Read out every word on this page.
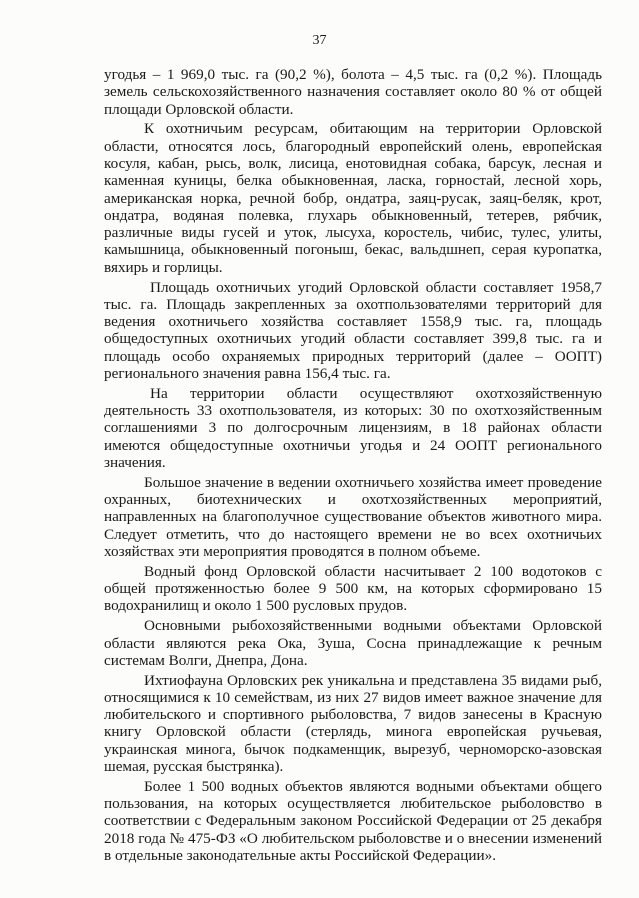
37

угодья – 1 969,0 тыс. га (90,2 %), болота – 4,5 тыс. га (0,2 %). Площадь земель сельскохозяйственного назначения составляет около 80 % от общей площади Орловской области.

К охотничьим ресурсам, обитающим на территории Орловской области, относятся лось, благородный европейский олень, европейская косуля, кабан, рысь, волк, лисица, енотовидная собака, барсук, лесная и каменная куницы, белка обыкновенная, ласка, горностай, лесной хорь, американская норка, речной бобр, ондатра, заяц-русак, заяц-беляк, крот, ондатра, водяная полевка, глухарь обыкновенный, тетерев, рябчик, различные виды гусей и уток, лысуха, коростель, чибис, тулес, улиты, камышница, обыкновенный погоныш, бекас, вальдшнеп, серая куропатка, вяхирь и горлицы.

Площадь охотничьих угодий Орловской области составляет 1958,7 тыс. га. Площадь закрепленных за охотпользователями территорий для ведения охотничьего хозяйства составляет 1558,9 тыс. га, площадь общедоступных охотничьих угодий области составляет 399,8 тыс. га и площадь особо охраняемых природных территорий (далее – ООПТ) регионального значения равна 156,4 тыс. га.

На территории области осуществляют охотхозяйственную деятельность 33 охотпользователя, из которых: 30 по охотхозяйственным соглашениями 3 по долгосрочным лицензиям, в 18 районах области имеются общедоступные охотничьи угодья и 24 ООПТ регионального значения.

Большое значение в ведении охотничьего хозяйства имеет проведение охранных, биотехнических и охотхозяйственных мероприятий, направленных на благополучное существование объектов животного мира. Следует отметить, что до настоящего времени не во всех охотничьих хозяйствах эти мероприятия проводятся в полном объеме.

Водный фонд Орловской области насчитывает 2 100 водотоков с общей протяженностью более 9 500 км, на которых сформировано 15 водохранилищ и около 1 500 русловых прудов.

Основными рыбохозяйственными водными объектами Орловской области являются река Ока, Зуша, Сосна принадлежащие к речным системам Волги, Днепра, Дона.

Ихтиофауна Орловских рек уникальна и представлена 35 видами рыб, относящимися к 10 семействам, из них 27 видов имеет важное значение для любительского и спортивного рыболовства, 7 видов занесены в Красную книгу Орловской области (стерлядь, минога европейская ручьевая, украинская минога, бычок подкаменщик, вырезуб, черноморско-азовская шемая, русская быстрянка).

Более 1 500 водных объектов являются водными объектами общего пользования, на которых осуществляется любительское рыболовство в соответствии с Федеральным законом Российской Федерации от 25 декабря 2018 года № 475-ФЗ «О любительском рыболовстве и о внесении изменений в отдельные законодательные акты Российской Федерации».
